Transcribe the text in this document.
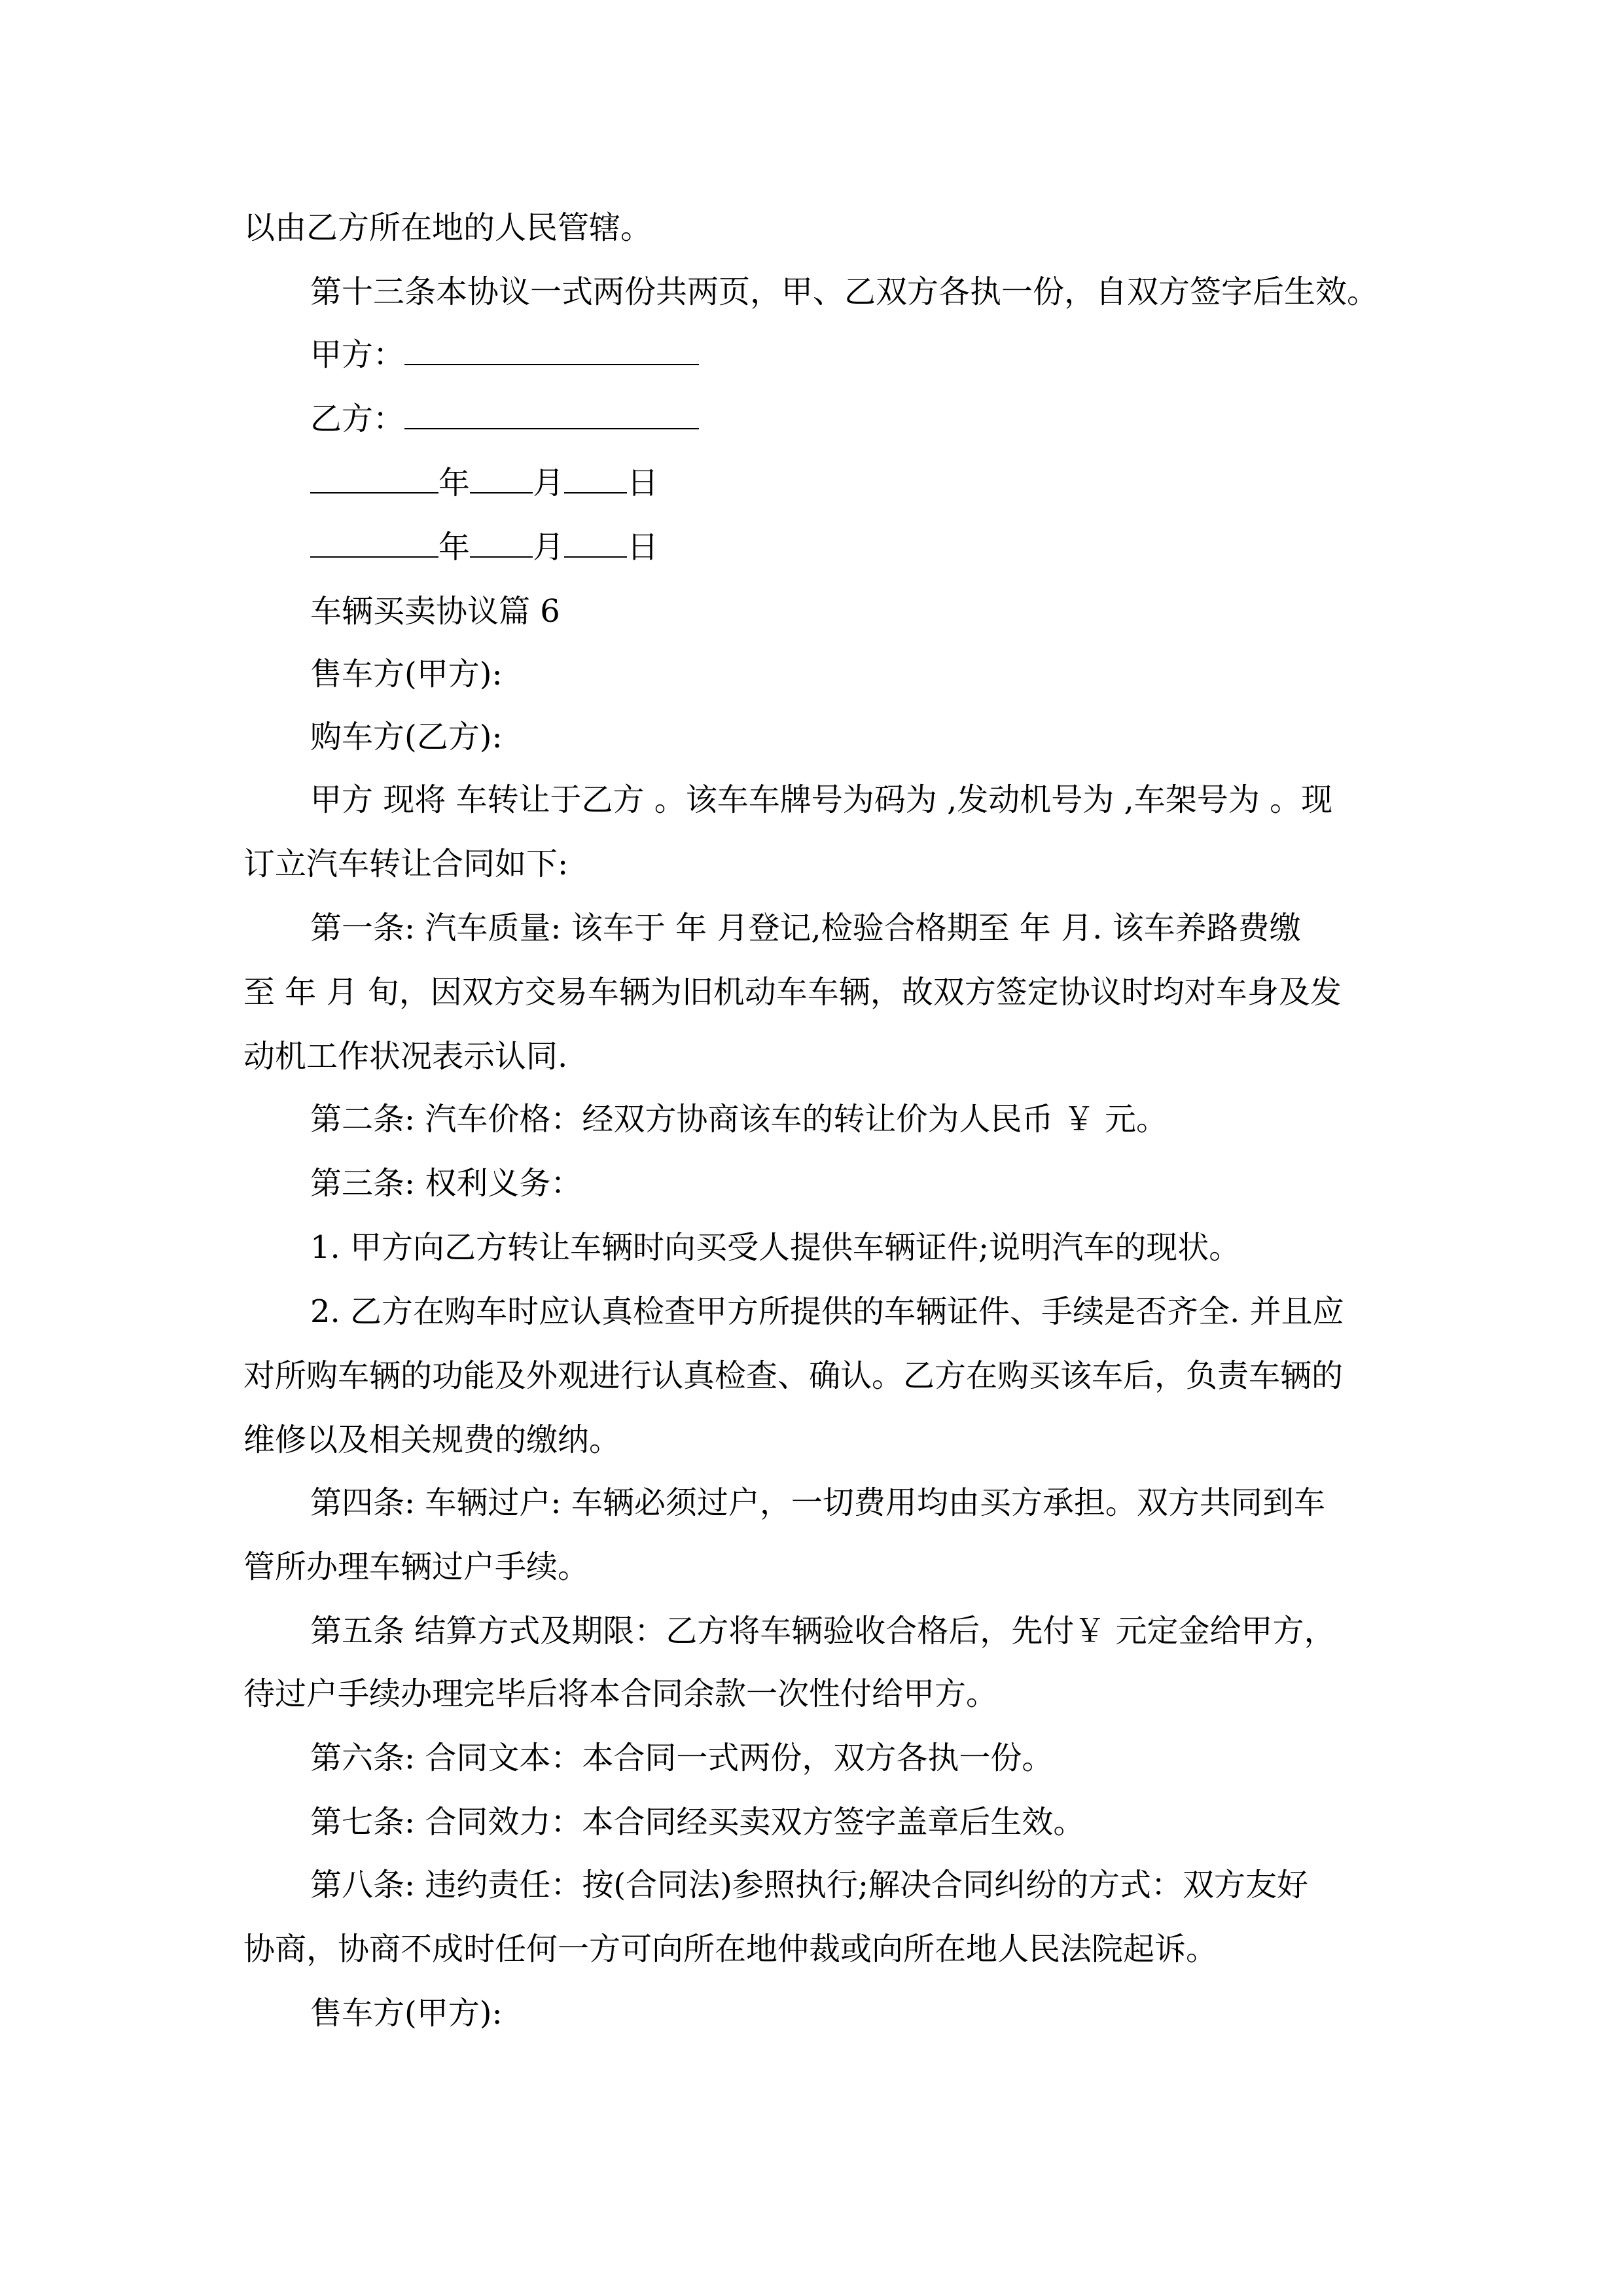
以由乙方所在地的人民管辖。
第十三条本协议一式两份共两页，甲、乙双方各执一份，自双方签字后生效。
甲方：
乙方：
年 月 日
年 月 日
车辆买卖协议篇 6
售车方(甲方):
购车方(乙方):
甲方 现将 车转让于乙方 。该车车牌号为码为 ,发动机号为 ,车架号为 。现
订立汽车转让合同如下:
第一条: 汽车质量: 该车于 年 月登记,检验合格期至 年 月. 该车养路费缴
至 年 月 旬，因双方交易车辆为旧机动车车辆，故双方签定协议时均对车身及发
动机工作状况表示认同.
第二条: 汽车价格：经双方协商该车的转让价为人民币 ￥ 元。
第三条: 权利义务：
1. 甲方向乙方转让车辆时向买受人提供车辆证件;说明汽车的现状。
2. 乙方在购车时应认真检查甲方所提供的车辆证件、手续是否齐全. 并且应
对所购车辆的功能及外观进行认真检查、确认。乙方在购买该车后，负责车辆的
维修以及相关规费的缴纳。
第四条: 车辆过户: 车辆必须过户，一切费用均由买方承担。双方共同到车
管所办理车辆过户手续。
第五条 结算方式及期限：乙方将车辆验收合格后，先付￥ 元定金给甲方，
待过户手续办理完毕后将本合同余款一次性付给甲方。
第六条: 合同文本：本合同一式两份，双方各执一份。
第七条: 合同效力：本合同经买卖双方签字盖章后生效。
第八条: 违约责任：按(合同法)参照执行;解决合同纠纷的方式：双方友好
协商，协商不成时任何一方可向所在地仲裁或向所在地人民法院起诉。
售车方(甲方):
